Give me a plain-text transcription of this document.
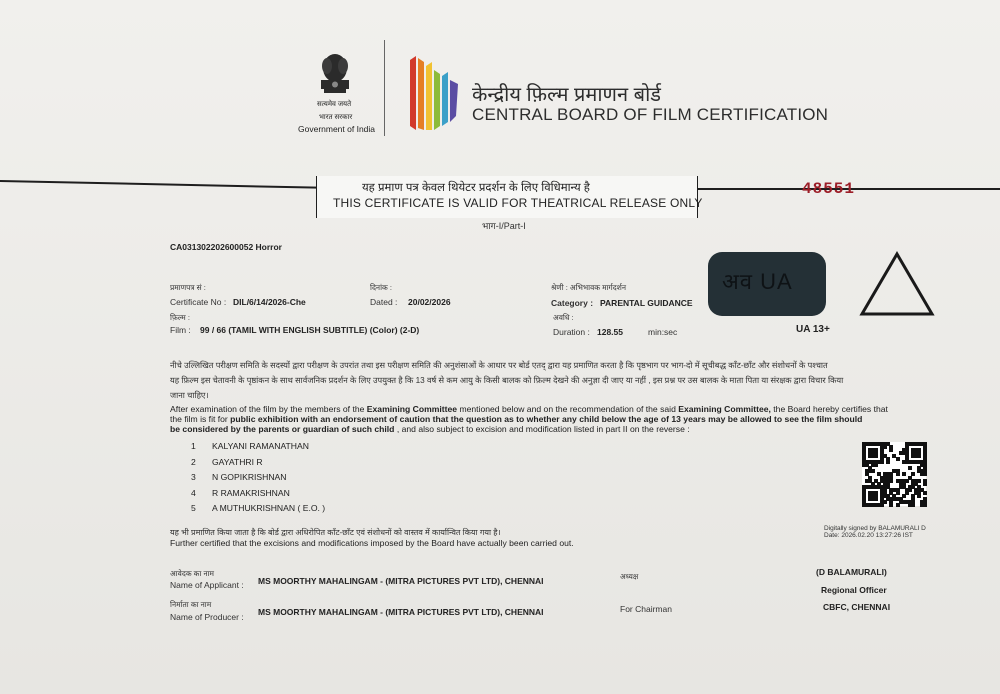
सत्यमेव जयते
भारत सरकार
Government of India
केन्द्रीय फ़िल्म प्रमाणन बोर्ड
CENTRAL BOARD OF FILM CERTIFICATION
यह प्रमाण पत्र केवल थियेटर प्रदर्शन के लिए विधिमान्य है
THIS CERTIFICATE IS VALID FOR THEATRICAL RELEASE ONLY
भाग-I/Part-I
48551
CA031302202600052 Horror
प्रमाणपत्र सं :
Certificate No : DIL/6/14/2026-Che
दिनांक :
Dated : 20/02/2026
श्रेणी : अभिभावक मार्गदर्शन
Category : PARENTAL GUIDANCE
फ़िल्म :
Film : 99 / 66 (TAMIL WITH ENGLISH SUBTITLE) (Color) (2-D)
अवधि :
Duration : 128.55	min:sec
अव UA
UA 13+
नीचे उल्लिखित परीक्षण समिति के सदस्यों द्वारा परीक्षण के उपरांत तथा इस परीक्षण समिति की अनुशंसाओं के आधार पर बोर्ड एतद् द्वारा यह प्रमाणित करता है कि पृष्ठभाग पर भाग-दो में सूचीबद्ध काँट-छाँट और संशोधनों के पश्चात
यह फ़िल्म इस चेतावनी के पृष्ठांकन के साथ सार्वजनिक प्रदर्शन के लिए उपयुक्त है कि 13 वर्ष से कम आयु के किसी बालक को फ़िल्म देखने की अनुज्ञा दी जाए या नहीं , इस प्रश्न पर उस बालक के माता पिता या संरक्षक द्वारा विचार किया
जाना चाहिए।
After examination of the film by the members of the Examining Committee mentioned below and on the recommendation of the said Examining Committee, the Board hereby certifies that
the film is fit for public exhibition with an endorsement of caution that the question as to whether any child below the age of 13 years may be allowed to see the film should
be considered by the parents or guardian of such child , and also subject to excision and modification listed in part II on the reverse :
1 KALYANI RAMANATHAN
2 GAYATHRI R
3 N GOPIKRISHNAN
4 R RAMAKRISHNAN
5 A MUTHUKRISHNAN ( E.O. )
यह भी प्रमाणित किया जाता है कि बोर्ड द्वारा अधिरोपित काँट-छाँट एवं संशोधनों को वास्तव में कार्यान्वित किया गया है।
Further certified that the excisions and modifications imposed by the Board have actually been carried out.
Digitally signed by BALAMURALI D
Date: 2026.02.20 13:27:26 IST
आवेदक का नाम
Name of Applicant : MS MOORTHY MAHALINGAM - (MITRA PICTURES PVT LTD), CHENNAI
निर्माता का नाम
Name of Producer : MS MOORTHY MAHALINGAM - (MITRA PICTURES PVT LTD), CHENNAI
अध्यक्ष
For Chairman
(D BALAMURALI)
Regional Officer
CBFC, CHENNAI
